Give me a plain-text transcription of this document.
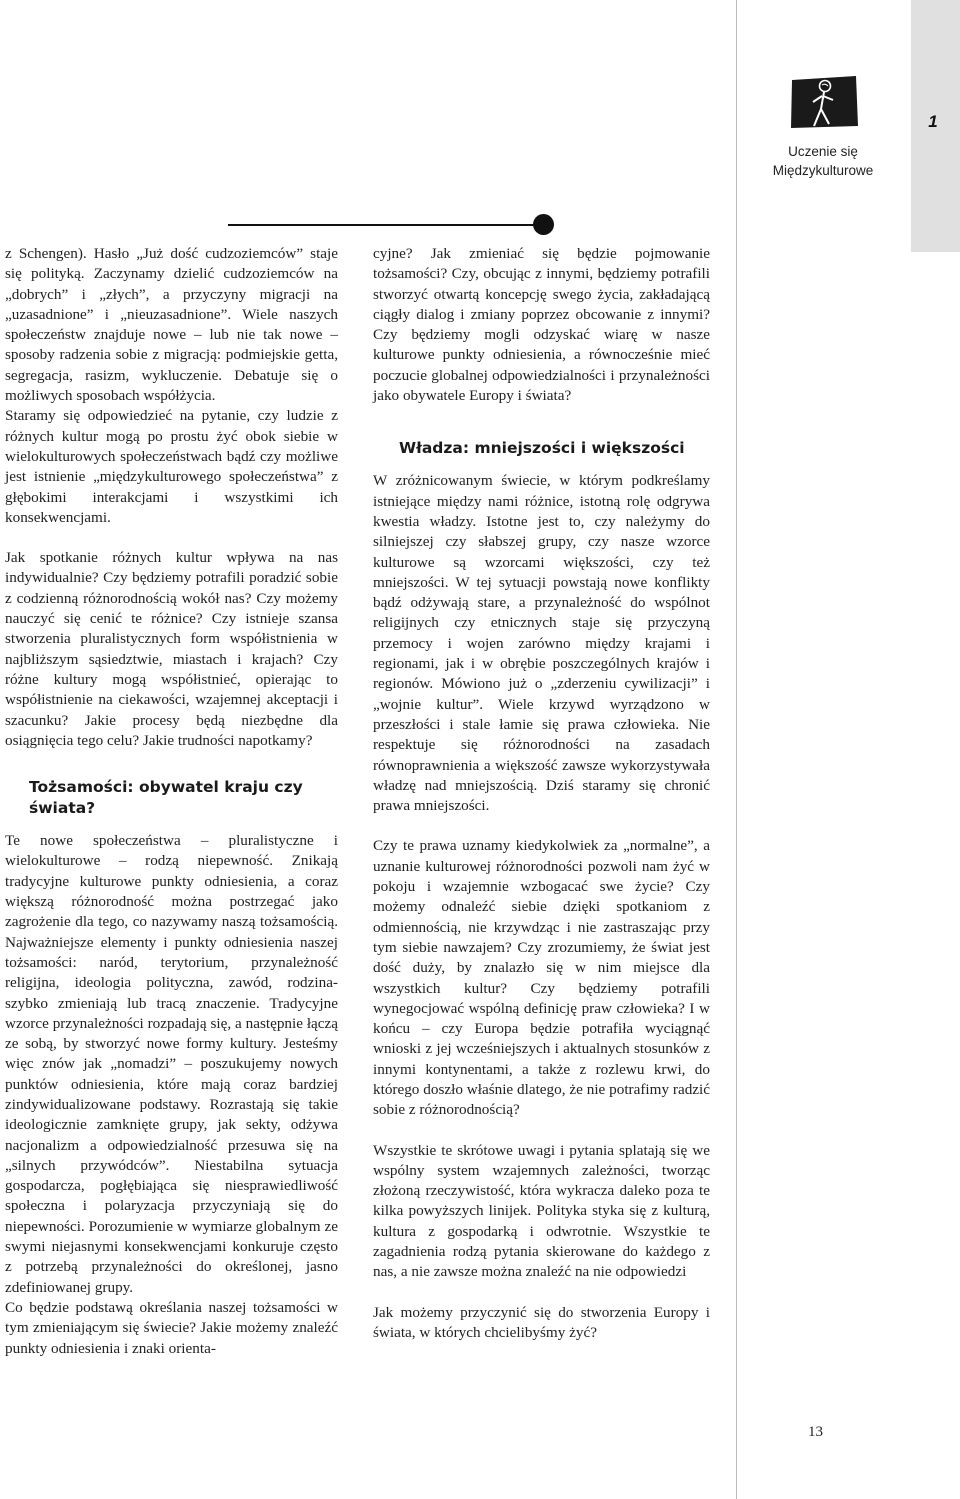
1
Uczenie się
Międzykulturowe

z Schengen). Hasło „Już dość cudzoziemców” staje się polityką. Zaczynamy dzielić cudzoziemców na „dobrych” i „złych”, a przyczyny migracji na „uzasadnione” i „nieuzasadnione”. Wiele naszych społeczeństw znajduje nowe – lub nie tak nowe – sposoby radzenia sobie z migracją: podmiejskie getta, segregacja, rasizm, wykluczenie. Debatuje się o możliwych sposobach współżycia.

Staramy się odpowiedzieć na pytanie, czy ludzie z różnych kultur mogą po prostu żyć obok siebie w wielokulturowych społeczeństwach bądź czy możliwe jest istnienie „międzykulturowego społeczeństwa” z głębokimi interakcjami i wszystkimi ich konsekwencjami.

Jak spotkanie różnych kultur wpływa na nas indywidualnie? Czy będziemy potrafili poradzić sobie z codzienną różnorodnością wokół nas? Czy możemy nauczyć się cenić te różnice? Czy istnieje szansa stworzenia pluralistycznych form współistnienia w najbliższym sąsiedztwie, miastach i krajach? Czy różne kultury mogą współistnieć, opierając to współistnienie na ciekawości, wzajemnej akceptacji i szacunku? Jakie procesy będą niezbędne dla osiągnięcia tego celu? Jakie trudności napotkamy?

Tożsamości: obywatel kraju czy świata?

Te nowe społeczeństwa – pluralistyczne i wielokulturowe – rodzą niepewność. Znikają tradycyjne kulturowe punkty odniesienia, a coraz większą różnorodność można postrzegać jako zagrożenie dla tego, co nazywamy naszą tożsamością. Najważniejsze elementy i punkty odniesienia naszej tożsamości: naród, terytorium, przynależność religijna, ideologia polityczna, zawód, rodzina- szybko zmieniają lub tracą znaczenie. Tradycyjne wzorce przynależności rozpadają się, a następnie łączą ze sobą, by stworzyć nowe formy kultury. Jesteśmy więc znów jak „nomadzi” – poszukujemy nowych punktów odniesienia, które mają coraz bardziej zindywidualizowane podstawy. Rozrastają się takie ideologicznie zamknięte grupy, jak sekty, odżywa nacjonalizm a odpowiedzialność przesuwa się na „silnych przywódców”. Niestabilna sytuacja gospodarcza, pogłębiająca się niesprawiedliwość społeczna i polaryzacja przyczyniają się do niepewności. Porozumienie w wymiarze globalnym ze swymi niejasnymi konsekwencjami konkuruje często z potrzebą przynależności do określonej, jasno zdefiniowanej grupy.

Co będzie podstawą określania naszej tożsamości w tym zmieniającym się świecie? Jakie możemy znaleźć punkty odniesienia i znaki orienta-

cyjne? Jak zmieniać się będzie pojmowanie tożsamości? Czy, obcując z innymi, będziemy potrafili stworzyć otwartą koncepcję swego życia, zakładającą ciągły dialog i zmiany poprzez obcowanie z innymi? Czy będziemy mogli odzyskać wiarę w nasze kulturowe punkty odniesienia, a równocześnie mieć poczucie globalnej odpowiedzialności i przynależności jako obywatele Europy i świata?

Władza: mniejszości i większości

W zróżnicowanym świecie, w którym podkreślamy istniejące między nami różnice, istotną rolę odgrywa kwestia władzy. Istotne jest to, czy należymy do silniejszej czy słabszej grupy, czy nasze wzorce kulturowe są wzorcami większości, czy też mniejszości. W tej sytuacji powstają nowe konflikty bądź odżywają stare, a przynależność do wspólnot religijnych czy etnicznych staje się przyczyną przemocy i wojen zarówno między krajami i regionami, jak i w obrębie poszczególnych krajów i regionów. Mówiono już o „zderzeniu cywilizacji” i „wojnie kultur”. Wiele krzywd wyrządzono w przeszłości i stale łamie się prawa człowieka. Nie respektuje się różnorodności na zasadach równoprawnienia a większość zawsze wykorzystywała władzę nad mniejszością. Dziś staramy się chronić prawa mniejszości.

Czy te prawa uznamy kiedykolwiek za „normalne”, a uznanie kulturowej różnorodności pozwoli nam żyć w pokoju i wzajemnie wzbogacać swe życie? Czy możemy odnaleźć siebie dzięki spotkaniom z odmiennością, nie krzywdząc i nie zastraszając przy tym siebie nawzajem? Czy zrozumiemy, że świat jest dość duży, by znalazło się w nim miejsce dla wszystkich kultur? Czy będziemy potrafili wynegocjować wspólną definicję praw człowieka? I w końcu – czy Europa będzie potrafiła wyciągnąć wnioski z jej wcześniejszych i aktualnych stosunków z innymi kontynentami, a także z rozlewu krwi, do którego doszło właśnie dlatego, że nie potrafimy radzić sobie z różnorodnością?

Wszystkie te skrótowe uwagi i pytania splatają się we wspólny system wzajemnych zależności, tworząc złożoną rzeczywistość, która wykracza daleko poza te kilka powyższych linijek. Polityka styka się z kulturą, kultura z gospodarką i odwrotnie. Wszystkie te zagadnienia rodzą pytania skierowane do każdego z nas, a nie zawsze można znaleźć na nie odpowiedzi

Jak możemy przyczynić się do stworzenia Europy i świata, w których chcielibyśmy żyć?

13
